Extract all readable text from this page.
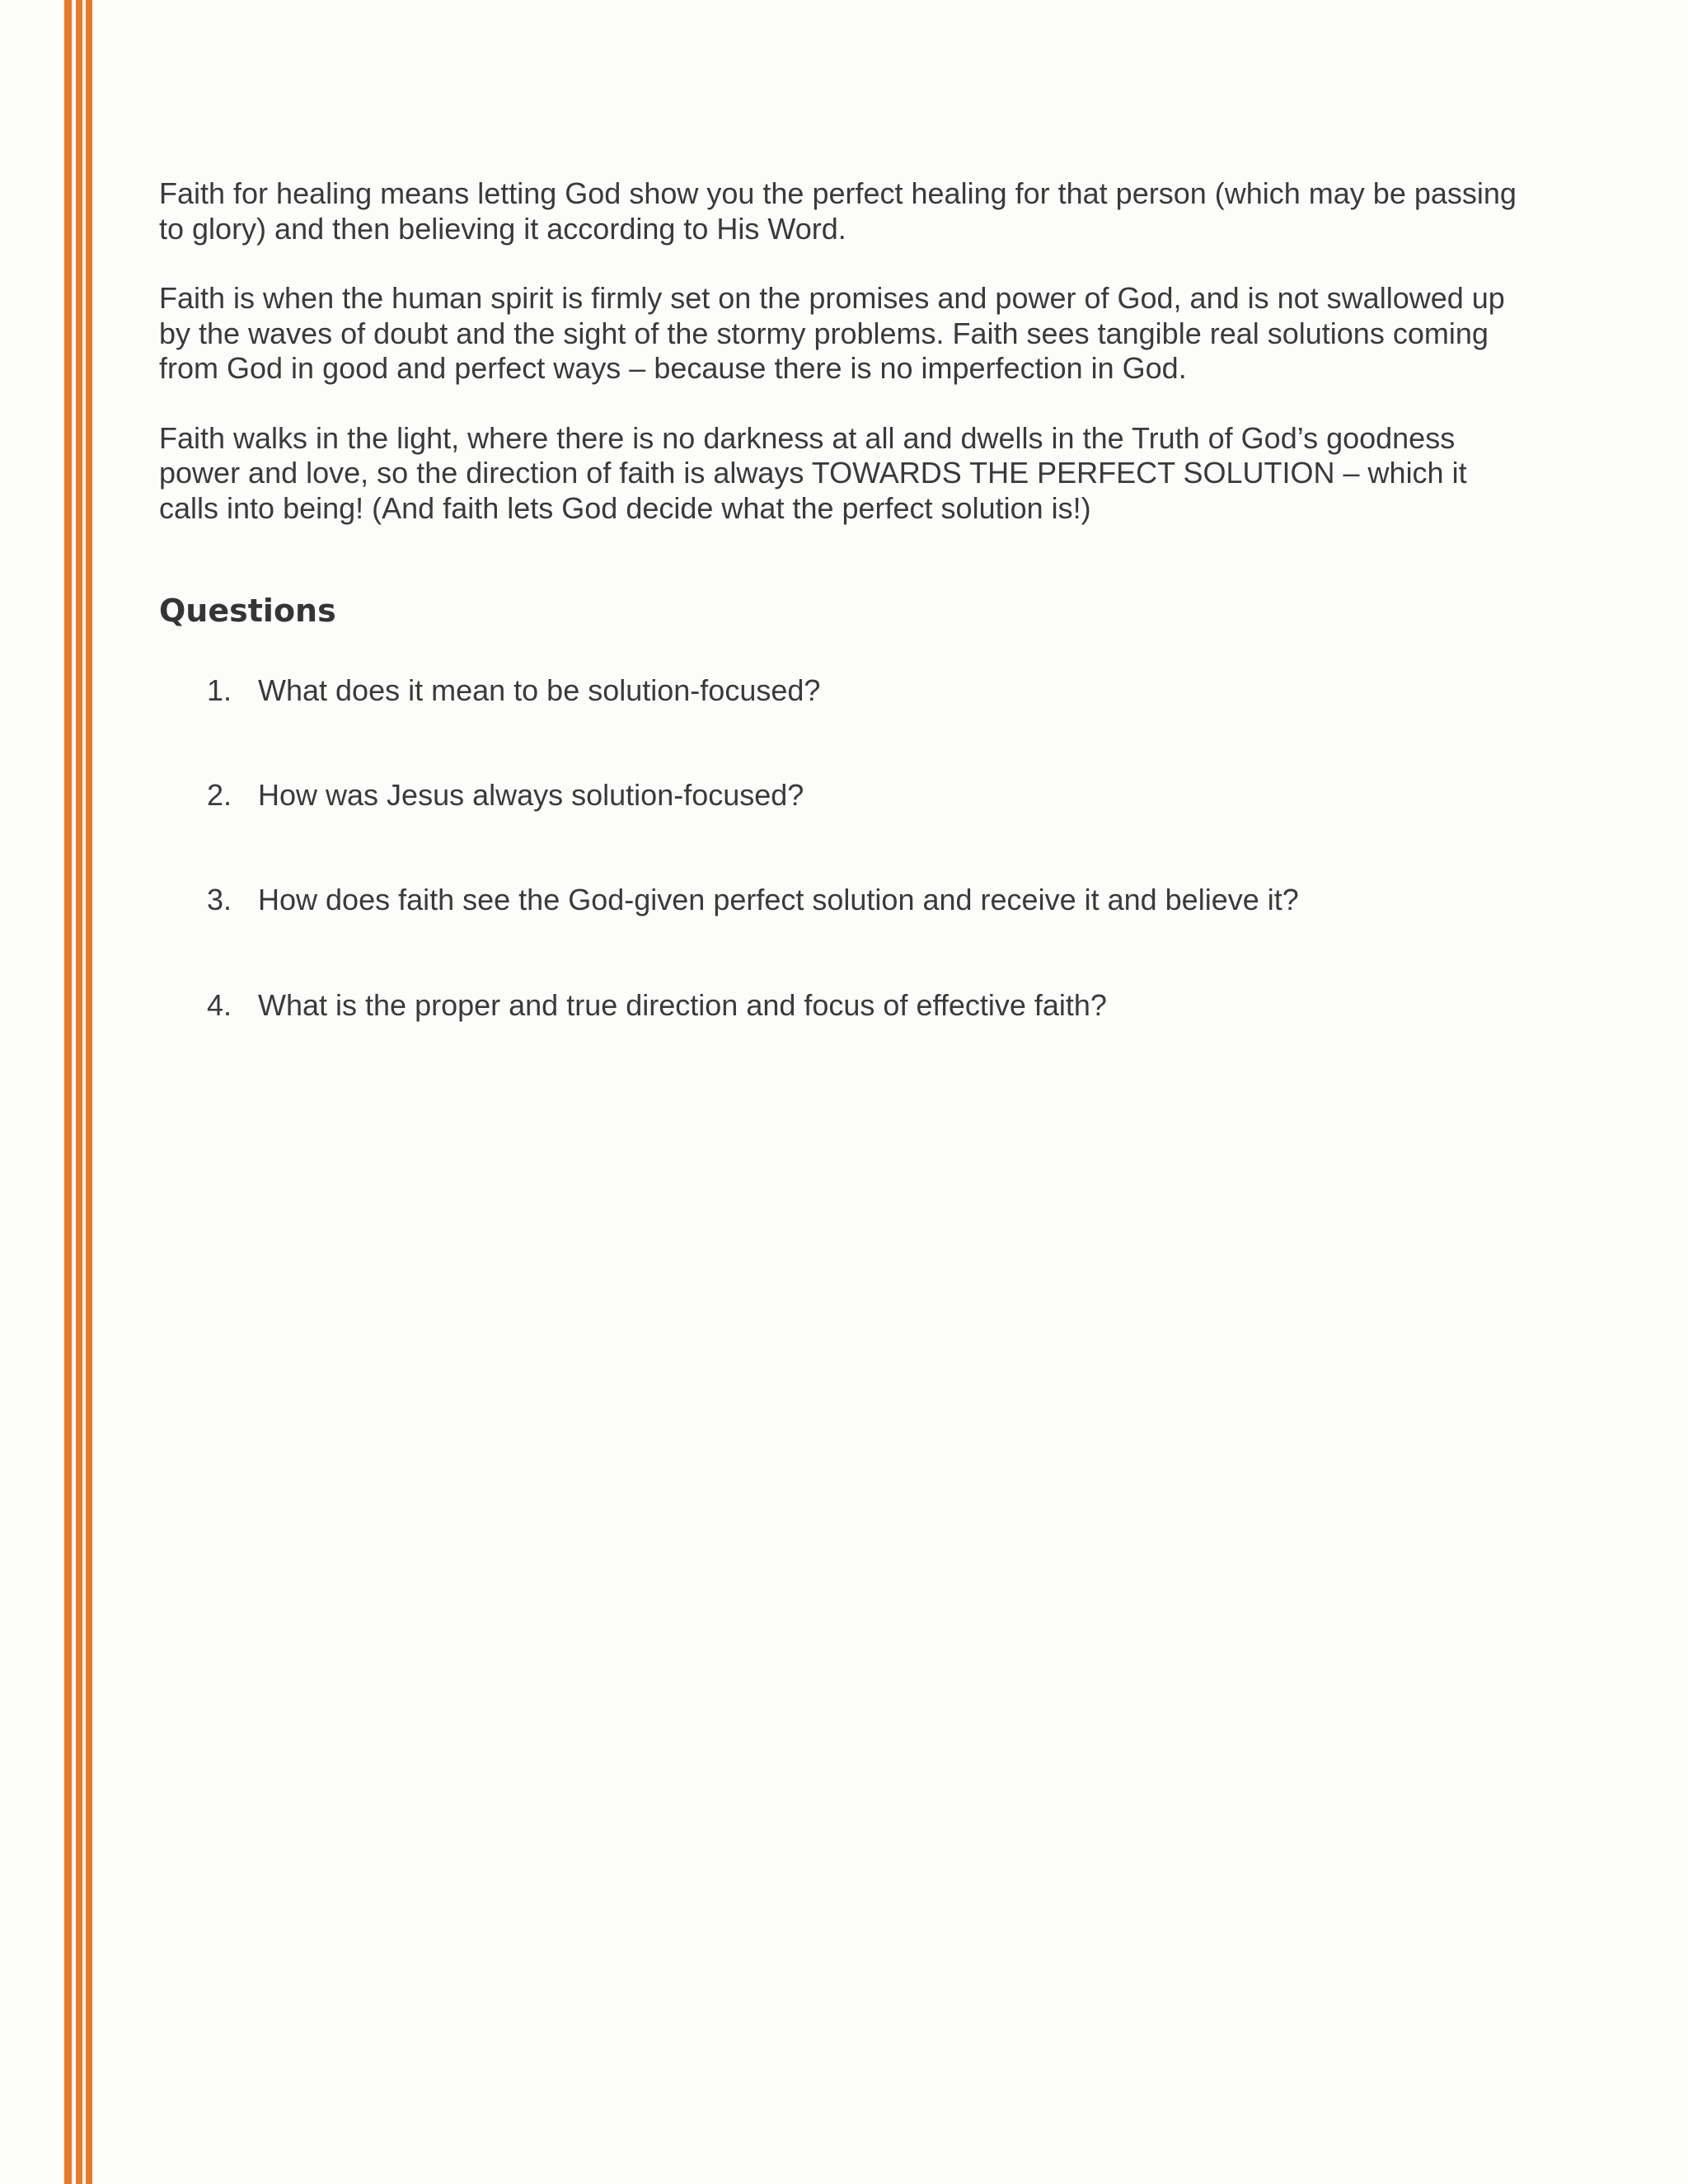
Faith for healing means letting God show you the perfect healing for that person (which may be passing to glory) and then believing it according to His Word.

Faith is when the human spirit is firmly set on the promises and power of God, and is not swallowed up by the waves of doubt and the sight of the stormy problems. Faith sees tangible real solutions coming from God in good and perfect ways – because there is no imperfection in God.

Faith walks in the light, where there is no darkness at all and dwells in the Truth of God’s goodness power and love, so the direction of faith is always TOWARDS THE PERFECT SOLUTION – which it calls into being! (And faith lets God decide what the perfect solution is!)

Questions
1. What does it mean to be solution-focused?
2. How was Jesus always solution-focused?
3. How does faith see the God-given perfect solution and receive it and believe it?
4. What is the proper and true direction and focus of effective faith?
